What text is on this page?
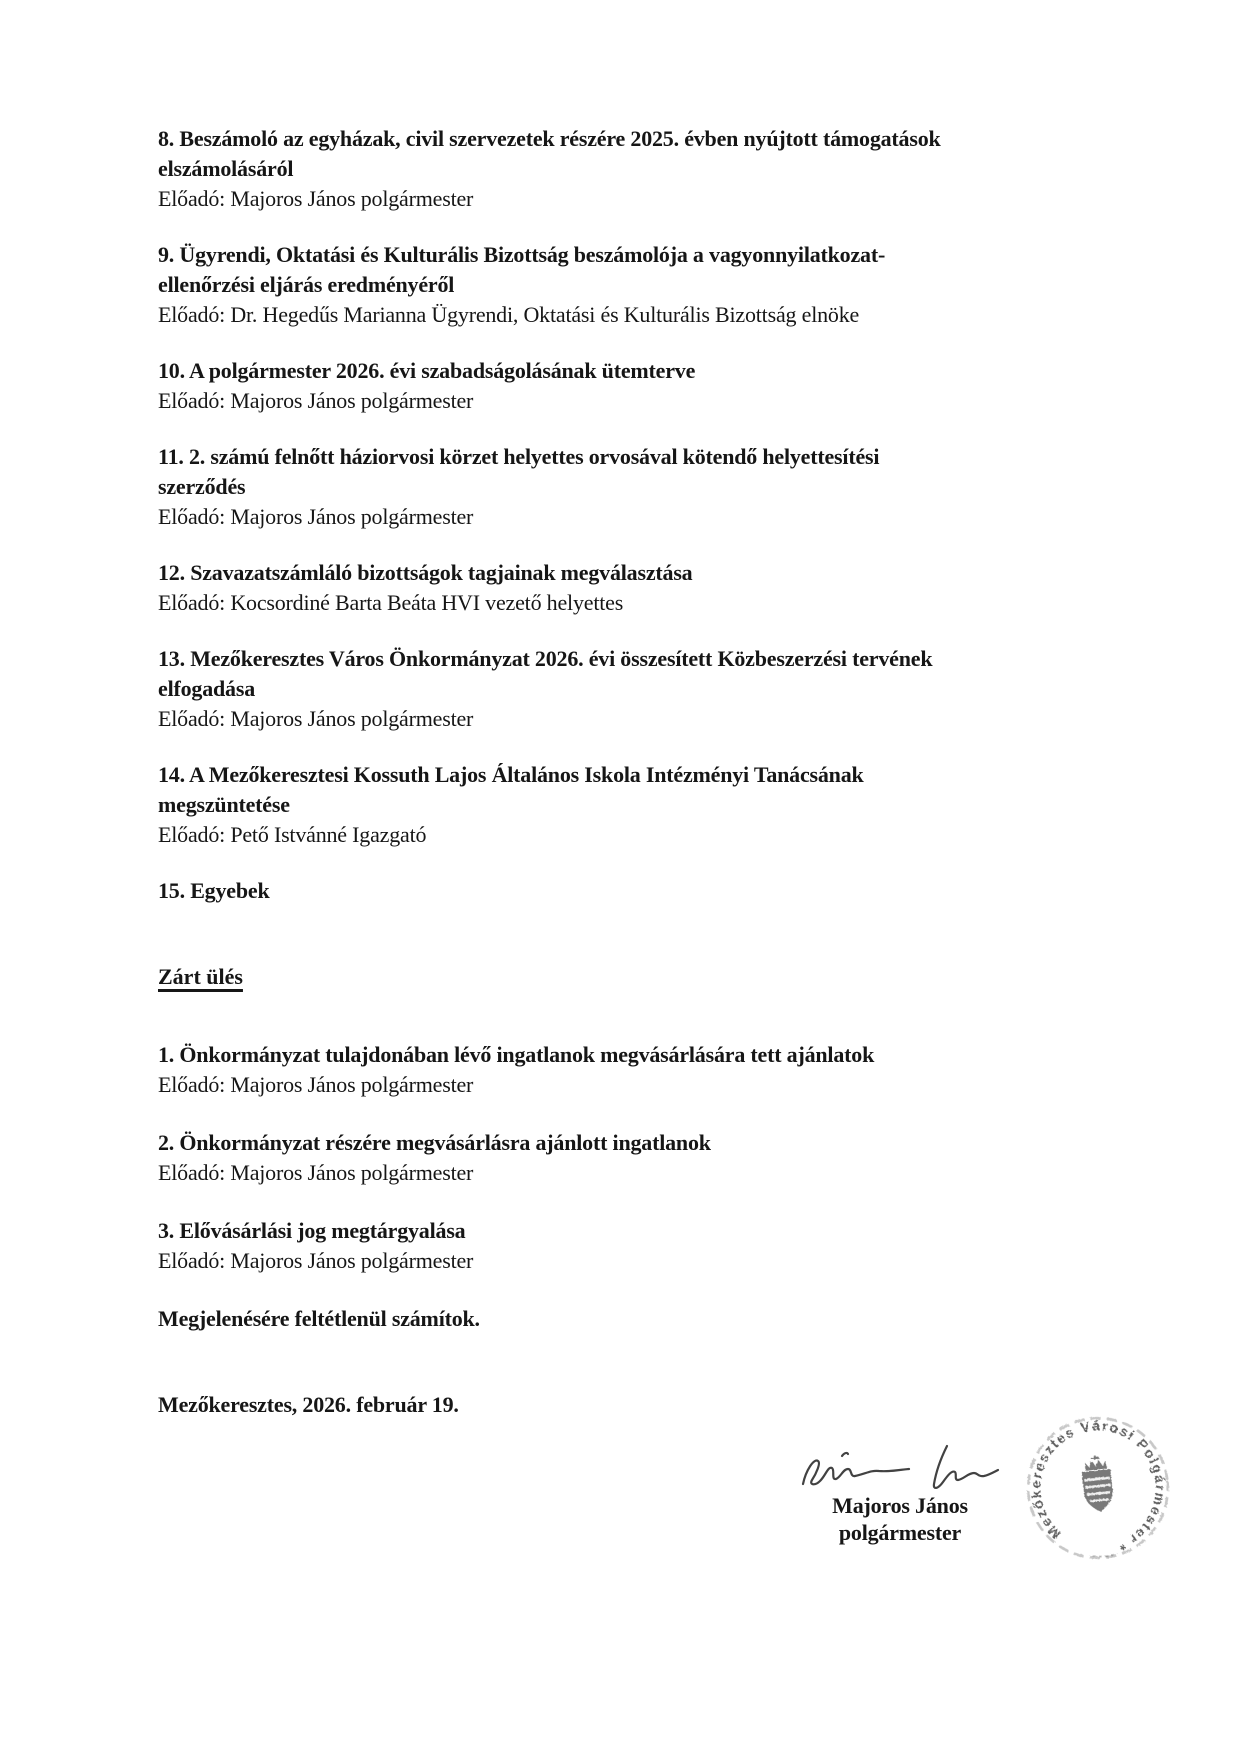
8. Beszámoló az egyházak, civil szervezetek részére 2025. évben nyújtott támogatások
elszámolásáról
Előadó: Majoros János polgármester
9. Ügyrendi, Oktatási és Kulturális Bizottság beszámolója a vagyonnyilatkozat-
ellenőrzési eljárás eredményéről
Előadó: Dr. Hegedűs Marianna Ügyrendi, Oktatási és Kulturális Bizottság elnöke
10. A polgármester 2026. évi szabadságolásának ütemterve
Előadó: Majoros János polgármester
11. 2. számú felnőtt háziorvosi körzet helyettes orvosával kötendő helyettesítési
szerződés
Előadó: Majoros János polgármester
12. Szavazatszámláló bizottságok tagjainak megválasztása
Előadó: Kocsordiné Barta Beáta HVI vezető helyettes
13. Mezőkeresztes Város Önkormányzat 2026. évi összesített Közbeszerzési tervének
elfogadása
Előadó: Majoros János polgármester
14. A Mezőkeresztesi Kossuth Lajos Általános Iskola Intézményi Tanácsának
megszüntetése
Előadó: Pető Istvánné Igazgató
15. Egyebek
Zárt ülés
1. Önkormányzat tulajdonában lévő ingatlanok megvásárlására tett ajánlatok
Előadó: Majoros János polgármester
2. Önkormányzat részére megvásárlásra ajánlott ingatlanok
Előadó: Majoros János polgármester
3. Elővásárlási jog megtárgyalása
Előadó: Majoros János polgármester

Megjelenésére feltétlenül számítok.

Mezőkeresztes, 2026. február 19.

Majoros János
polgármester	Mezőkeresztes Városi Polgármester *
